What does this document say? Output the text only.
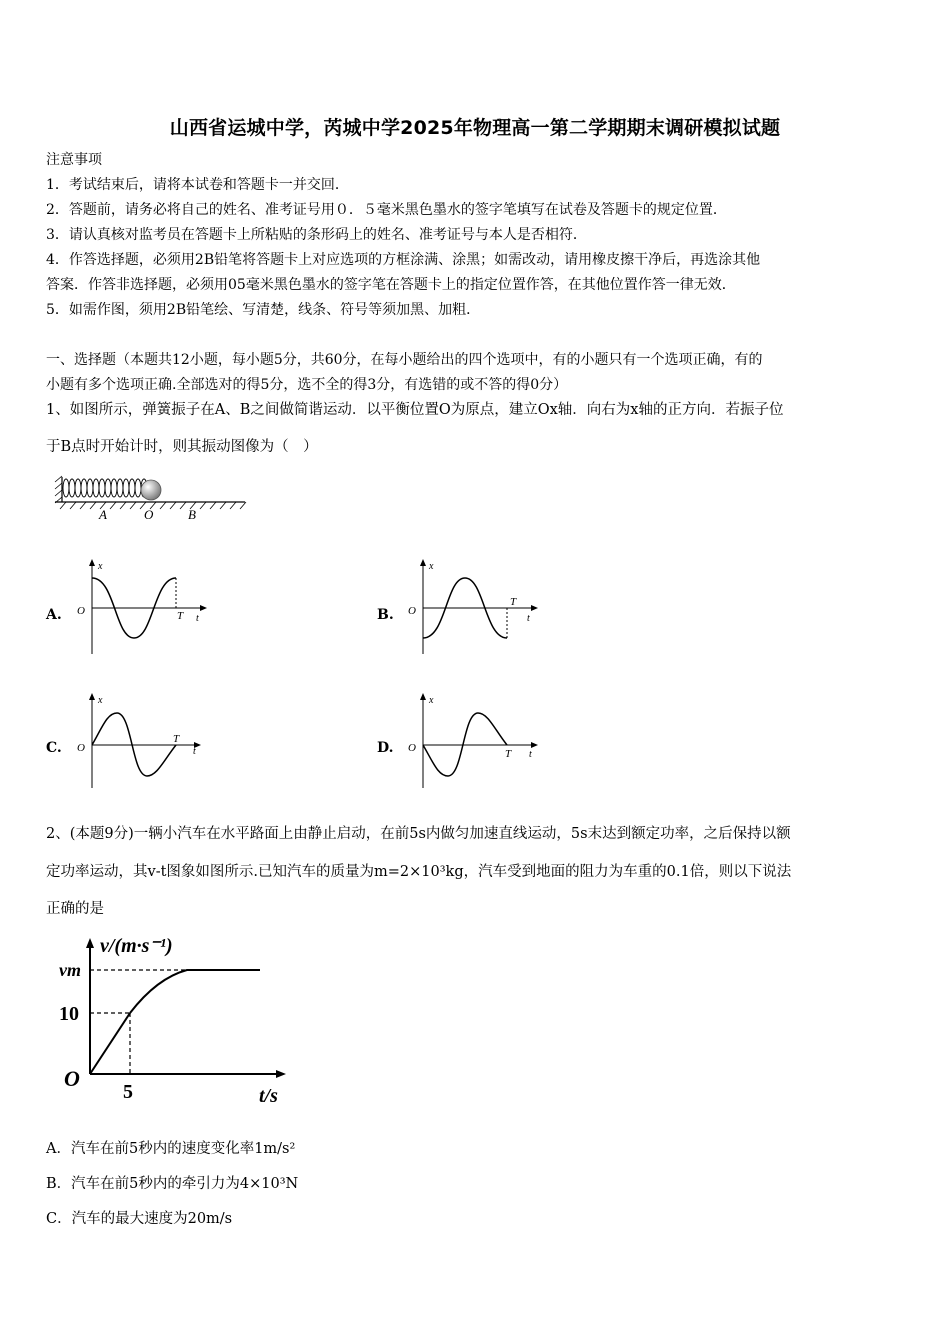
山西省运城中学，芮城中学2025年物理高一第二学期期末调研模拟试题
注意事项
1．考试结束后，请将本试卷和答题卡一并交回．
2．答题前，请务必将自己的姓名、准考证号用０．５毫米黑色墨水的签字笔填写在试卷及答题卡的规定位置．
3．请认真核对监考员在答题卡上所粘贴的条形码上的姓名、准考证号与本人是否相符．
4．作答选择题，必须用2B铅笔将答题卡上对应选项的方框涂满、涂黑；如需改动，请用橡皮擦干净后，再选涂其他
答案．作答非选择题，必须用05毫米黑色墨水的签字笔在答题卡上的指定位置作答，在其他位置作答一律无效．
5．如需作图，须用2B铅笔绘、写清楚，线条、符号等须加黑、加粗．
一、选择题（本题共12小题，每小题5分，共60分，在每小题给出的四个选项中，有的小题只有一个选项正确，有的
小题有多个选项正确.全部选对的得5分，选不全的得3分，有选错的或不答的得0分）
1、如图所示，弹簧振子在A、B之间做简谐运动．以平衡位置O为原点，建立Ox轴．向右为x轴的正方向．若振子位
于B点时开始计时，则其振动图像为（　）
A	O	B
A.
x
O	T t	B.
x
O
T
t
C.
x
O
T
t	D.
x
O	T t
2、(本题9分)一辆小汽车在水平路面上由静止启动，在前5s内做匀加速直线运动，5s末达到额定功率，之后保持以额
定功率运动，其v-t图象如图所示.已知汽车的质量为m=2×10³kg，汽车受到地面的阻力为车重的0.1倍，则以下说法
正确的是
v/(m·s⁻¹)
vm
10
O
5	t/s
A．汽车在前5秒内的速度变化率1m/s²
B．汽车在前5秒内的牵引力为4×10³N
C．汽车的最大速度为20m/s
